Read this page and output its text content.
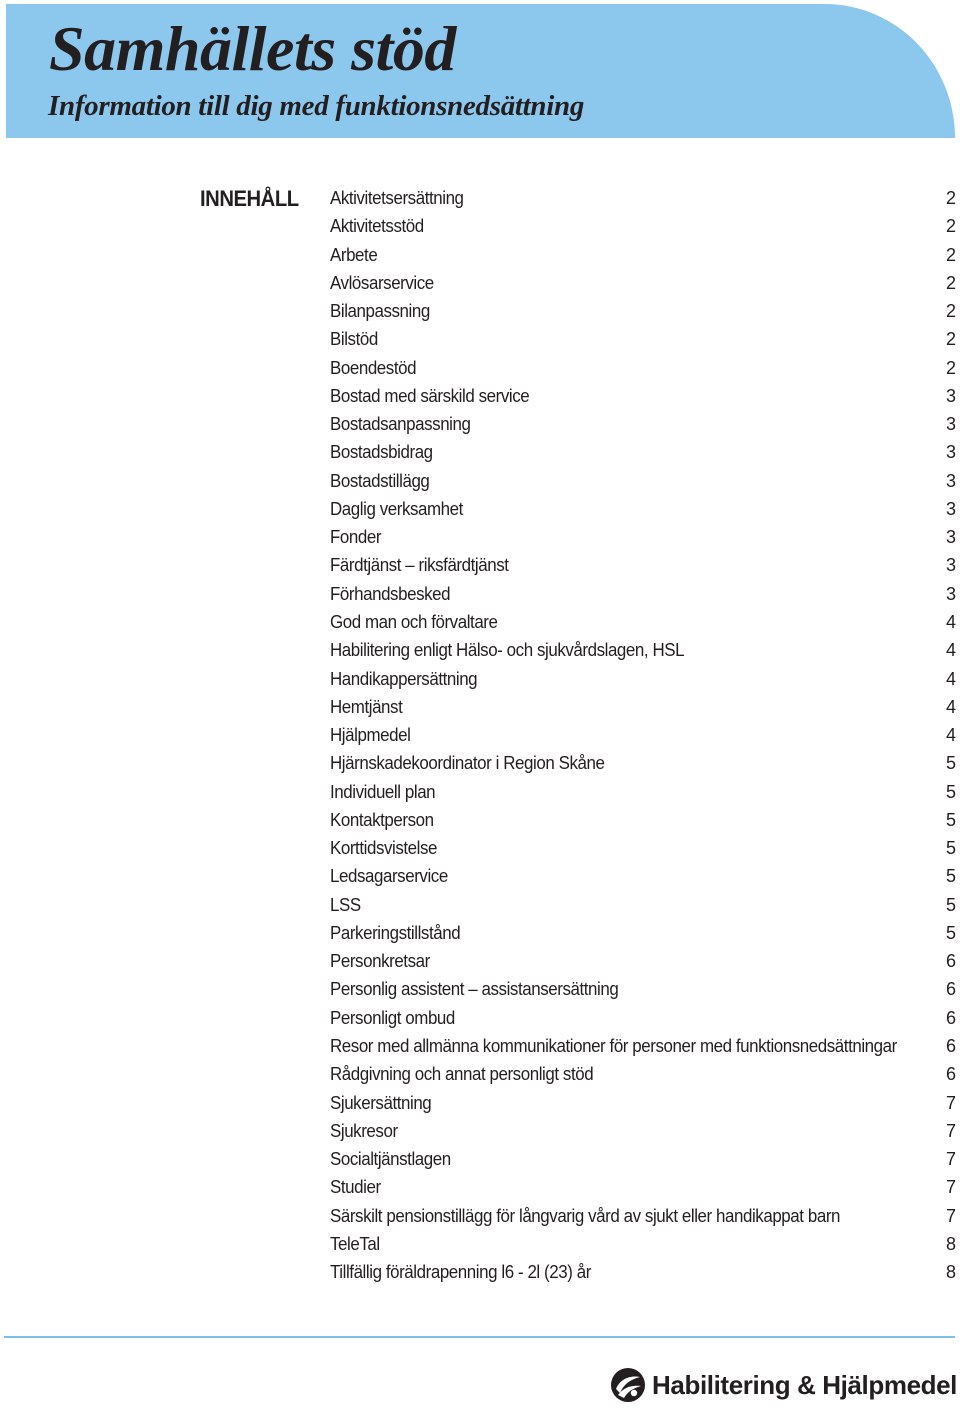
Samhällets stöd
Information till dig med funktionsnedsättning
INNEHÅLL Aktivitetsersättning	2
Aktivitetsstöd	2
Arbete	2
Avlösarservice	2
Bilanpassning	2
Bilstöd	2
Boendestöd	2
Bostad med särskild service	3
Bostadsanpassning	3
Bostadsbidrag	3
Bostadstillägg	3
Daglig verksamhet	3
Fonder	3
Färdtjänst – riksfärdtjänst	3
Förhandsbesked	3
God man och förvaltare	4
Habilitering enligt Hälso- och sjukvårdslagen, HSL	4
Handikappersättning	4
Hemtjänst	4
Hjälpmedel	4
Hjärnskadekoordinator i Region Skåne	5
Individuell plan	5
Kontaktperson	5
Korttidsvistelse	5
Ledsagarservice	5
LSS	5
Parkeringstillstånd	5
Personkretsar	6
Personlig assistent – assistansersättning	6
Personligt ombud	6
Resor med allmänna kommunikationer för personer med funktionsnedsättningar	6
Rådgivning och annat personligt stöd	6
Sjukersättning	7
Sjukresor	7
Socialtjänstlagen	7
Studier	7
Särskilt pensionstillägg för långvarig vård av sjukt eller handikappat barn	7
TeleTal	8
Tillfällig föräldrapenning l6 - 2l (23) år	8
Habilitering & Hjälpmedel
